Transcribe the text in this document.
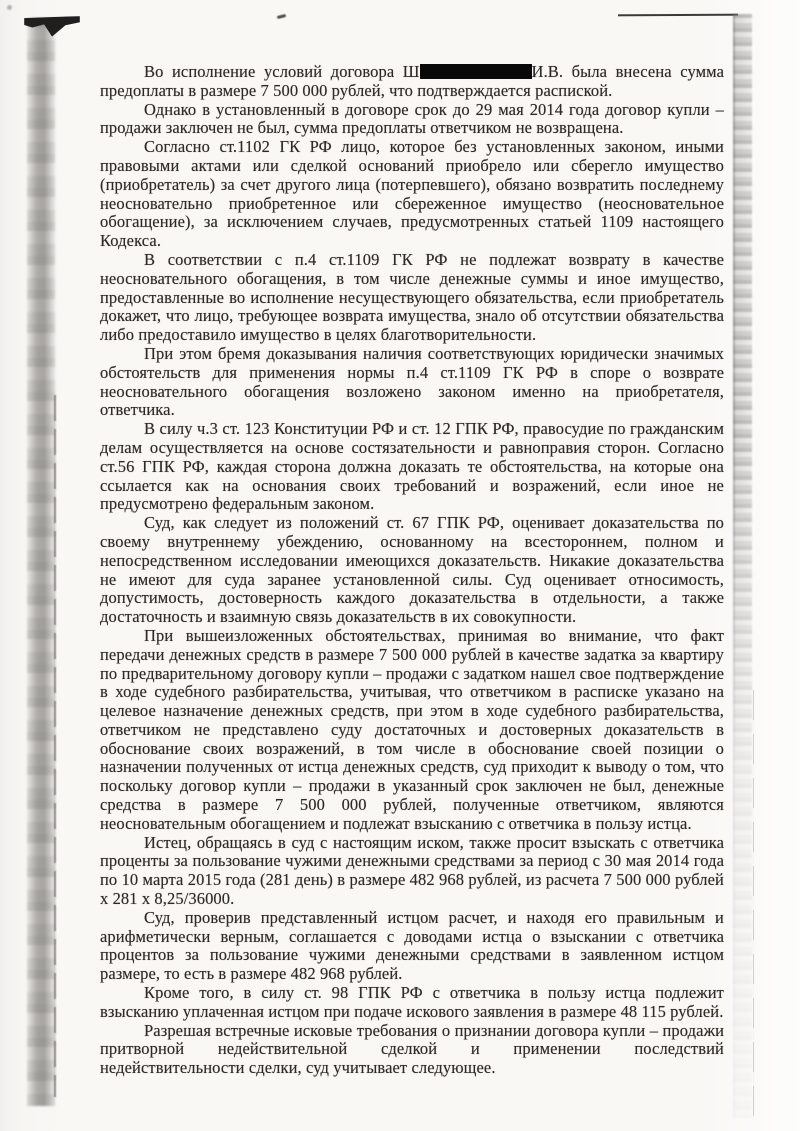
Во исполнение условий договора Ш	И.В. была внесена сумма предоплаты в размере 7 500 000 рублей, что подтверждается распиской.

Однако в установленный в договоре срок до 29 мая 2014 года договор купли – продажи заключен не был, сумма предоплаты ответчиком не возвращена.

Согласно ст.1102 ГК РФ лицо, которое без установленных законом, иными правовыми актами или сделкой оснований приобрело или сберегло имущество (приобретатель) за счет другого лица (потерпевшего), обязано возвратить последнему неосновательно приобретенное или сбереженное имущество (неосновательное обогащение), за исключением случаев, предусмотренных статьей 1109 настоящего Кодекса.

В соответствии с п.4 ст.1109 ГК РФ не подлежат возврату в качестве неосновательного обогащения, в том числе денежные суммы и иное имущество, предоставленные во исполнение несуществующего обязательства, если приобретатель докажет, что лицо, требующее возврата имущества, знало об отсутствии обязательства либо предоставило имущество в целях благотворительности.

При этом бремя доказывания наличия соответствующих юридически значимых обстоятельств для применения нормы п.4 ст.1109 ГК РФ в споре о возврате неосновательного обогащения возложено законом именно на приобретателя, ответчика.

В силу ч.3 ст. 123 Конституции РФ и ст. 12 ГПК РФ, правосудие по гражданским делам осуществляется на основе состязательности и равноправия сторон. Согласно ст.56 ГПК РФ, каждая сторона должна доказать те обстоятельства, на которые она ссылается как на основания своих требований и возражений, если иное не предусмотрено федеральным законом.

Суд, как следует из положений ст. 67 ГПК РФ, оценивает доказательства по своему внутреннему убеждению, основанному на всестороннем, полном и непосредственном исследовании имеющихся доказательств. Никакие доказательства не имеют для суда заранее установленной силы. Суд оценивает относимость, допустимость, достоверность каждого доказательства в отдельности, а также достаточность и взаимную связь доказательств в их совокупности.

При вышеизложенных обстоятельствах, принимая во внимание, что факт передачи денежных средств в размере 7 500 000 рублей в качестве задатка за квартиру по предварительному договору купли – продажи с задатком нашел свое подтверждение в ходе судебного разбирательства, учитывая, что ответчиком в расписке указано на целевое назначение денежных средств, при этом в ходе судебного разбирательства, ответчиком не представлено суду достаточных и достоверных доказательств в обоснование своих возражений, в том числе в обоснование своей позиции о назначении полученных от истца денежных средств, суд приходит к выводу о том, что поскольку договор купли – продажи в указанный срок заключен не был, денежные средства в размере 7 500 000 рублей, полученные ответчиком, являются неосновательным обогащением и подлежат взысканию с ответчика в пользу истца.

Истец, обращаясь в суд с настоящим иском, также просит взыскать с ответчика проценты за пользование чужими денежными средствами за период с 30 мая 2014 года по 10 марта 2015 года (281 день) в размере 482 968 рублей, из расчета 7 500 000 рублей х 281 х 8,25/36000.

Суд, проверив представленный истцом расчет, и находя его правильным и арифметически верным, соглашается с доводами истца о взыскании с ответчика процентов за пользование чужими денежными средствами в заявленном истцом размере, то есть в размере 482 968 рублей.

Кроме того, в силу ст. 98 ГПК РФ с ответчика в пользу истца подлежит взысканию уплаченная истцом при подаче искового заявления в размере 48 115 рублей.

Разрешая встречные исковые требования о признании договора купли – продажи притворной недействительной сделкой и применении последствий недействительности сделки, суд учитывает следующее.
